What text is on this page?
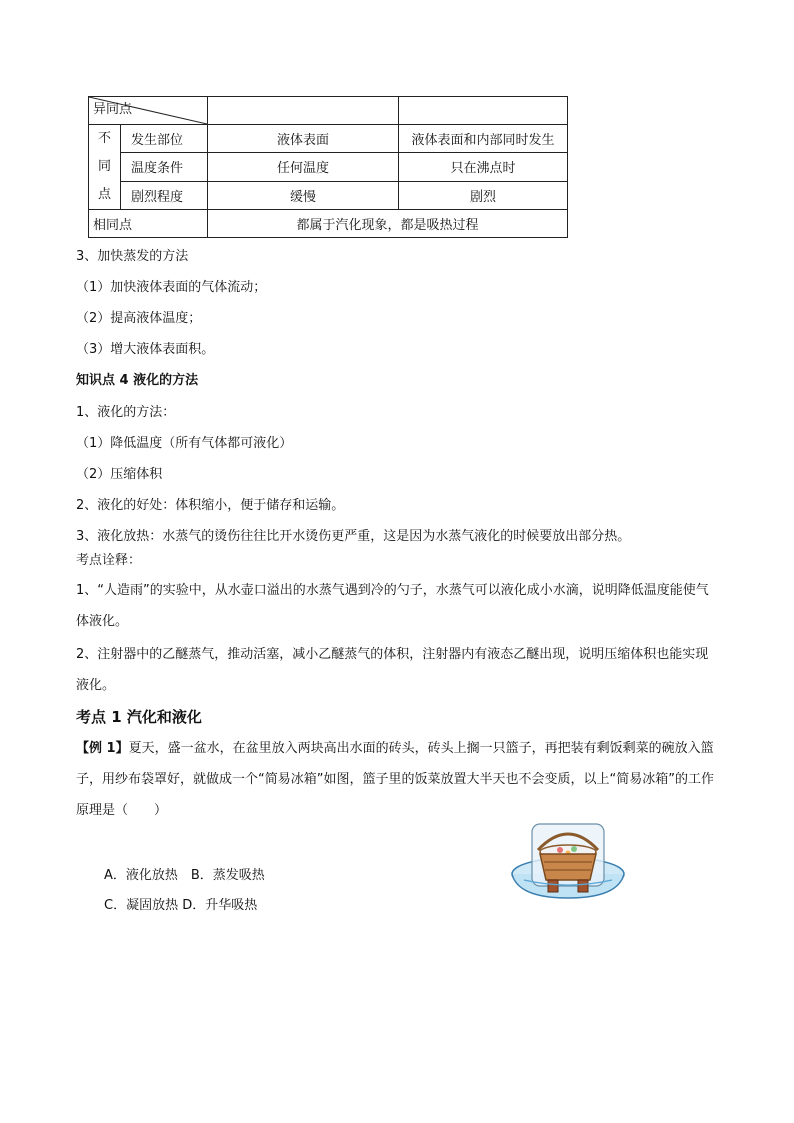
异同点			

不
同
点	发生部位	液体表面	液体表面和内部同时发生
	温度条件	任何温度	只在沸点时
	剧烈程度	缓慢	剧烈
相同点		都属于汽化现象，都是吸热过程	
3、加快蒸发的方法
（1）加快液体表面的气体流动；
（2）提高液体温度；
（3）增大液体表面积。
知识点 4 液化的方法
1、液化的方法：
（1）降低温度（所有气体都可液化）
（2）压缩体积
2、液化的好处：体积缩小，便于储存和运输。
3、液化放热：水蒸气的烫伤往往比开水烫伤更严重，这是因为水蒸气液化的时候要放出部分热。
考点诠释：
1、“人造雨”的实验中，从水壶口溢出的水蒸气遇到冷的勺子，水蒸气可以液化成小水滴，说明降低温度能使气体液化。
2、注射器中的乙醚蒸气，推动活塞，减小乙醚蒸气的体积，注射器内有液态乙醚出现，说明压缩体积也能实现液化。
考点 1 汽化和液化
【例 1】夏天，盛一盆水，在盆里放入两块高出水面的砖头，砖头上搁一只篮子，再把装有剩饭剩菜的碗放入篮子，用纱布袋罩好，就做成一个“简易冰箱”如图，篮子里的饭菜放置大半天也不会变质，以上“简易冰箱”的工作原理是（　　）
A．液化放热　B．蒸发吸热
C．凝固放热 D．升华吸热
